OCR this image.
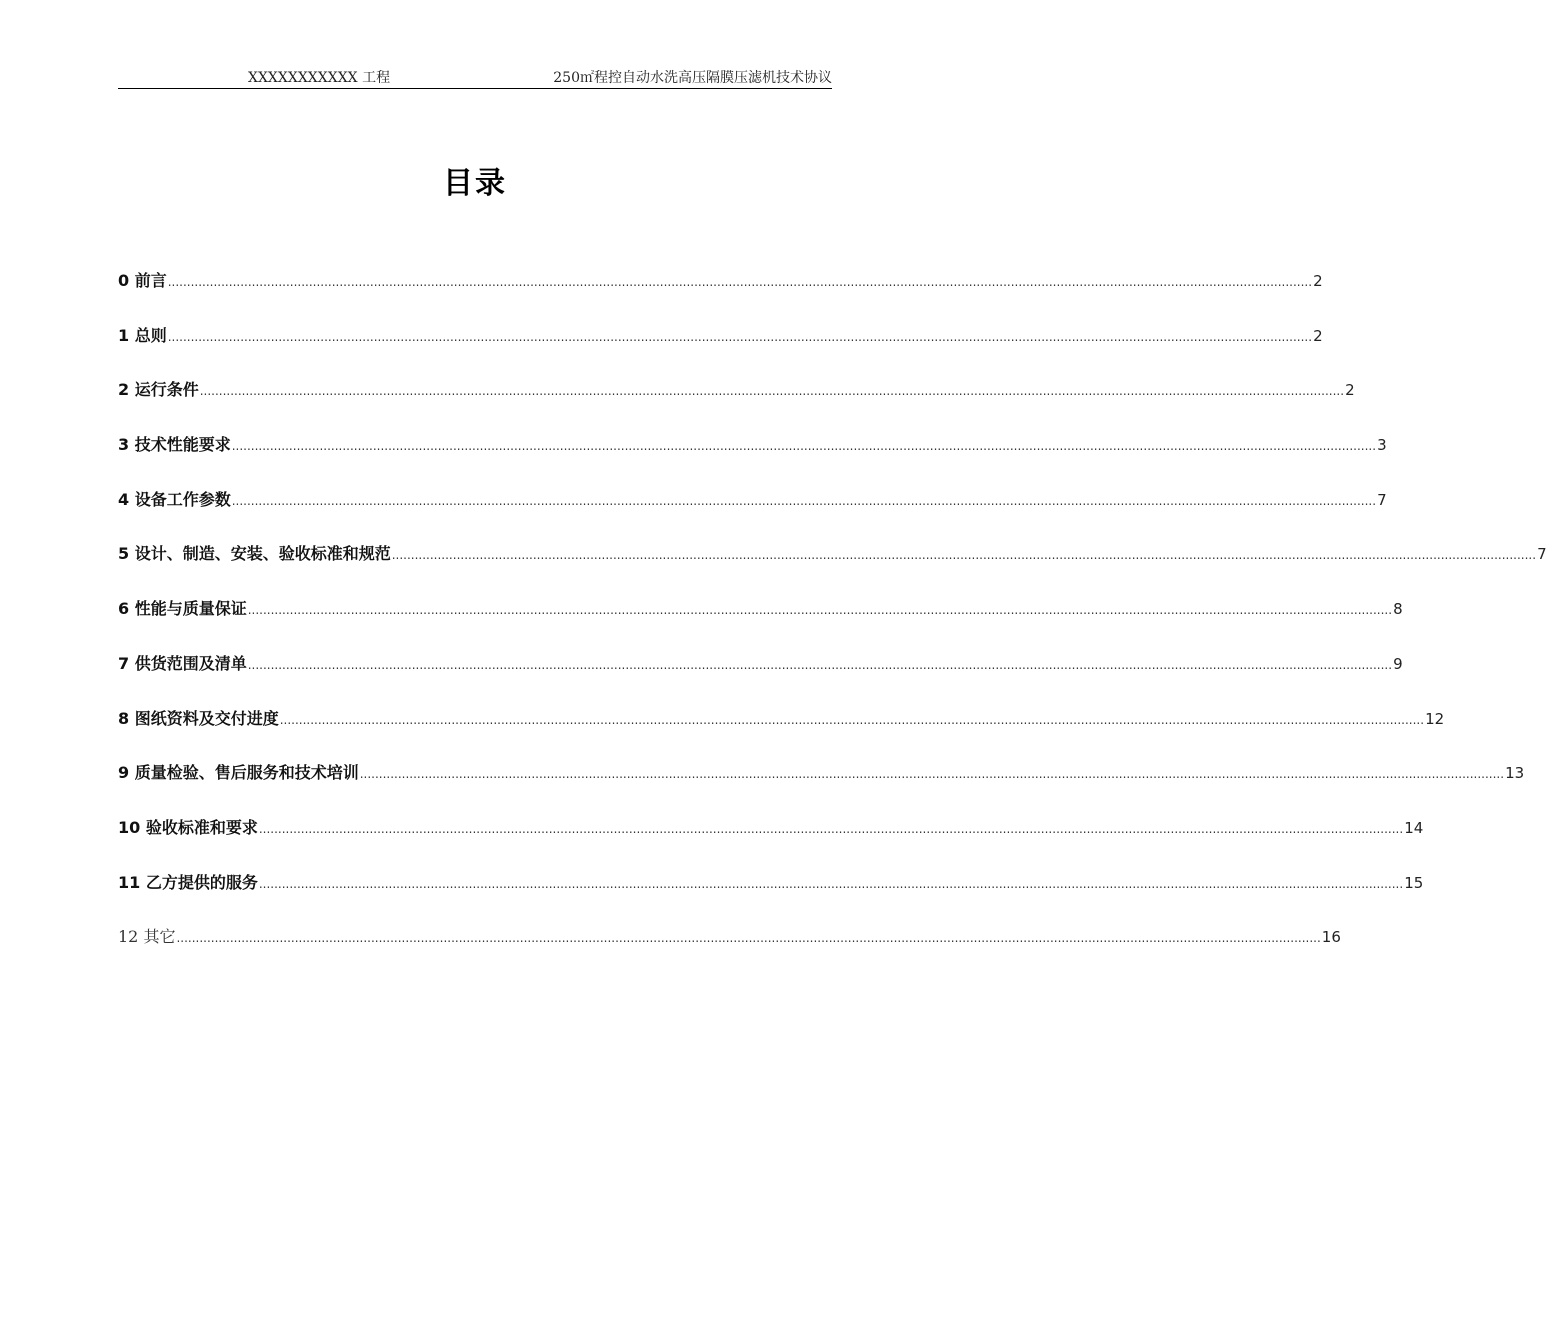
XXXXXXXXXXX 工程	250㎡程控自动水洗高压隔膜压滤机技术协议
目录
0 前言 ............................................................................................................................................................................................................................................................................................................ 2
1 总则 ............................................................................................................................................................................................................................................................................................................ 2
2 运行条件 ............................................................................................................................................................................................................................................................................................................ 2
3 技术性能要求 ............................................................................................................................................................................................................................................................................................................ 3
4 设备工作参数 ............................................................................................................................................................................................................................................................................................................ 7
5 设计、制造、安装、验收标准和规范 ............................................................................................................................................................................................................................................................................................................ 7
6 性能与质量保证 ............................................................................................................................................................................................................................................................................................................ 8
7 供货范围及清单 ............................................................................................................................................................................................................................................................................................................ 9
8 图纸资料及交付进度 ............................................................................................................................................................................................................................................................................................................ 12
9 质量检验、售后服务和技术培训 ............................................................................................................................................................................................................................................................................................................ 13
10 验收标准和要求 ............................................................................................................................................................................................................................................................................................................ 14
11 乙方提供的服务 ............................................................................................................................................................................................................................................................................................................ 15
12 其它 ............................................................................................................................................................................................................................................................................................................ 16
